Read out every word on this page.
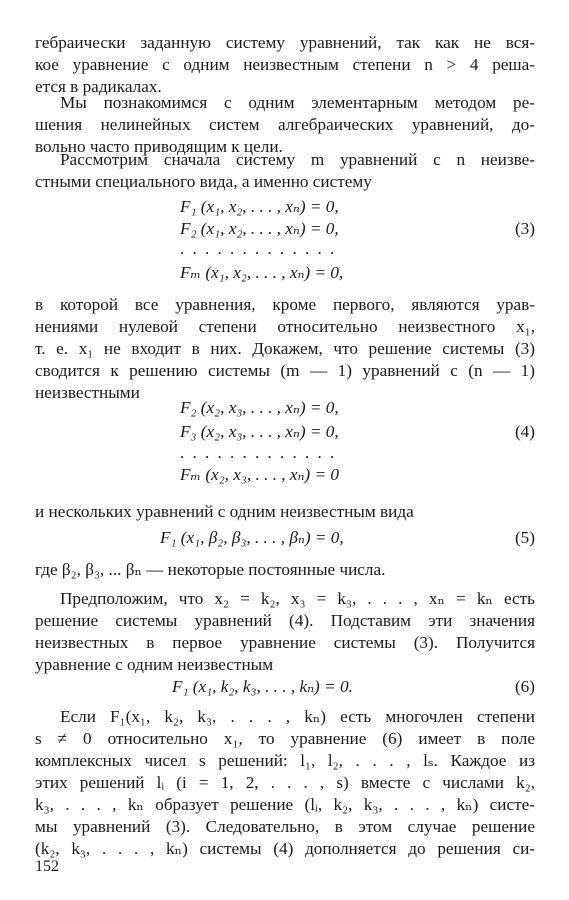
гебраически заданную систему уравнений, так как не вся-
кое уравнение с одним неизвестным степени n > 4 реша-
ется в радикалах.
Мы познакомимся с одним элементарным методом ре-
шения нелинейных систем алгебраических уравнений, до-
вольно часто приводящим к цели.
Рассмотрим сначала систему m уравнений с n неизве-
стными специального вида, а именно систему
F₁ (x₁, x₂, . . . , xₙ) = 0,
F₂ (x₁, x₂, . . . , xₙ) = 0,	(3)
. . . . . . . . . . . . .
Fₘ (x₁, x₂, . . . , xₙ) = 0,
в которой все уравнения, кроме первого, являются урав-
нениями нулевой степени относительно неизвестного x₁,
т. е. x₁ не входит в них. Докажем, что решение системы (3)
сводится к решению системы (m — 1) уравнений с (n — 1)
неизвестными
F₂ (x₂, x₃, . . . , xₙ) = 0,
F₃ (x₂, x₃, . . . , xₙ) = 0,	(4)
. . . . . . . . . . . . .
Fₘ (x₂, x₃, . . . , xₙ) = 0
и нескольких уравнений с одним неизвестным вида
F₁ (x₁, β₂, β₃, . . . , βₙ) = 0,	(5)
где β₂, β₃, ... βₙ — некоторые постоянные числа.
Предположим, что x₂ = k₂, x₃ = k₃, . . . , xₙ = kₙ есть
решение системы уравнений (4). Подставим эти значения
неизвестных в первое уравнение системы (3). Получится
уравнение с одним неизвестным
F₁ (x₁, k₂, k₃, . . . , kₙ) = 0.	(6)
Если F₁(x₁, k₂, k₃, . . . , kₙ) есть многочлен степени
s ≠ 0 относительно x₁, то уравнение (6) имеет в поле
комплексных чисел s решений: l₁, l₂, . . . , lₛ. Каждое из
этих решений lᵢ (i = 1, 2, . . . , s) вместе с числами k₂,
k₃, . . . , kₙ образует решение (lᵢ, k₂, k₃, . . . , kₙ) систе-
мы уравнений (3). Следовательно, в этом случае решение
(k₂, k₃, . . . , kₙ) системы (4) дополняется до решения си-
152
